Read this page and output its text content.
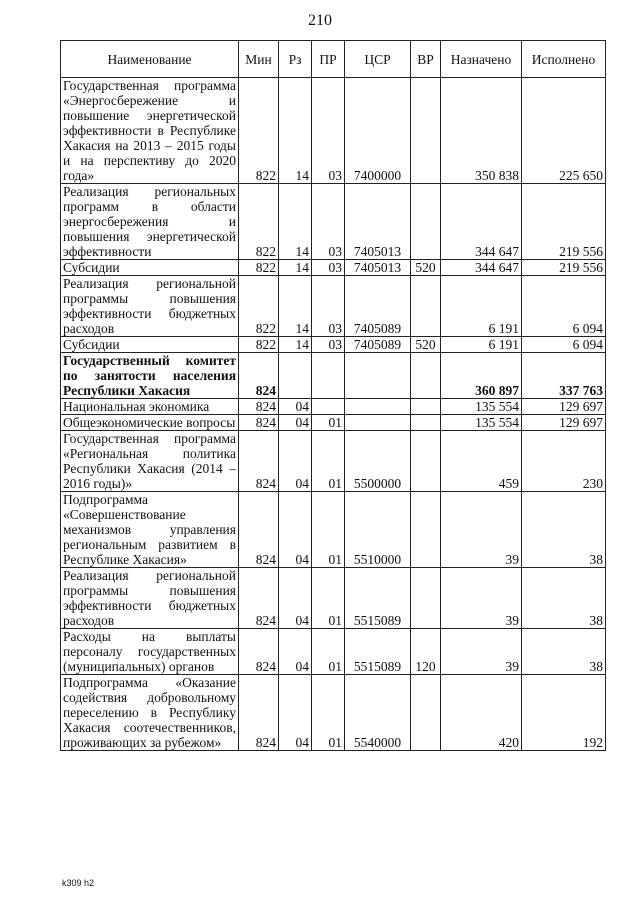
210
Наименование	Мин	Рз	ПР	ЦСР	ВР	Назначено	Исполнено
Государственная программа «Энергосбережение и повышение энергетической эффективности в Республике Хакасия на 2013 – 2015 годы и на перспективу до 2020 года»	822	14	03	7400000		350 838	225 650
Реализация региональных программ в области энергосбережения и повышения энергетической эффективности	822	14	03	7405013		344 647	219 556
Субсидии	822	14	03	7405013	520	344 647	219 556
Реализация региональной программы повышения эффективности бюджетных расходов	822	14	03	7405089		6 191	6 094
Субсидии	822	14	03	7405089	520	6 191	6 094
Государственный комитет по занятости населения Республики Хакасия	824					360 897	337 763
Национальная экономика	824	04				135 554	129 697
Общеэкономические вопросы	824	04	01			135 554	129 697
Государственная программа «Региональная политика Республики Хакасия (2014 – 2016 годы)»	824	04	01	5500000		459	230
Подпрограмма «Совершенствование механизмов управления региональным развитием в Республике Хакасия»	824	04	01	5510000		39	38
Реализация региональной программы повышения эффективности бюджетных расходов	824	04	01	5515089		39	38
Расходы на выплаты персоналу государственных (муниципальных) органов	824	04	01	5515089	120	39	38
Подпрограмма «Оказание содействия добровольному переселению в Республику Хакасия соотечественников, проживающих за рубежом»	824	04	01	5540000		420	192
k309 h2
